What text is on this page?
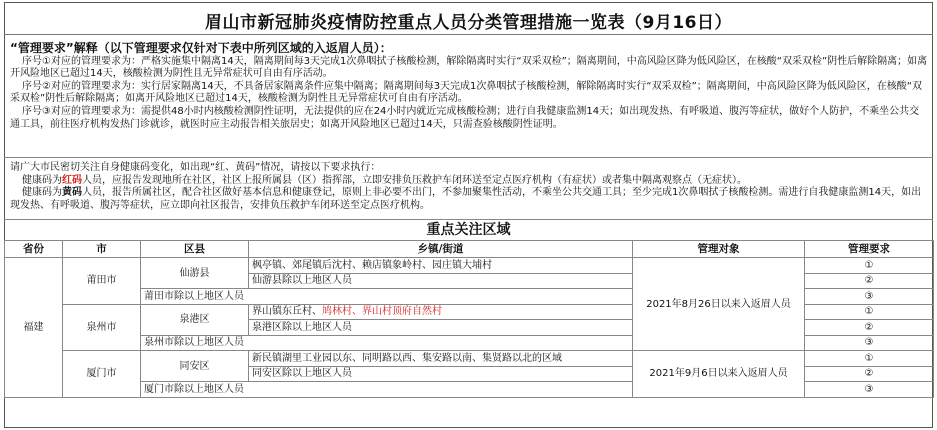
眉山市新冠肺炎疫情防控重点人员分类管理措施一览表（9月16日）
“管理要求”解释（以下管理要求仅针对下表中所列区域的入返眉人员）：

序号①对应的管理要求为：严格实施集中隔离14天，隔离期间每3天完成1次鼻咽拭子核酸检测，解除隔离时实行“双采双检”；隔离期间，中高风险区降为低风险区，在核酸“双采双检”阴性后解除隔离；如离开风险地区已超过14天，核酸检测为阴性且无异常症状可自由有序活动。

序号②对应的管理要求为：实行居家隔离14天，不具备居家隔离条件应集中隔离；隔离期间每3天完成1次鼻咽拭子核酸检测，解除隔离时实行“双采双检”；隔离期间，中高风险区降为低风险区，在核酸“双采双检”阴性后解除隔离；如离开风险地区已超过14天，核酸检测为阴性且无异常症状可自由有序活动。

序号③对应的管理要求为：需提供48小时内核酸检测阴性证明，无法提供的应在24小时内就近完成核酸检测；进行自我健康监测14天；如出现发热、有呼吸道、腹泻等症状，做好个人防护，不乘坐公共交通工具，前往医疗机构发热门诊就诊，就医时应主动报告相关旅居史；如离开风险地区已超过14天，只需查验核酸阴性证明。

请广大市民密切关注自身健康码变化，如出现“红、黄码”情况，请按以下要求执行：

健康码为红码人员，应报告发现地所在社区，社区上报所属县（区）指挥部，立即安排负压救护车闭环送至定点医疗机构（有症状）或者集中隔离观察点（无症状）。

健康码为黄码人员，报告所属社区，配合社区做好基本信息和健康登记，原则上非必要不出门，不参加聚集性活动，不乘坐公共交通工具；至少完成1次鼻咽拭子核酸检测。需进行自我健康监测14天，如出现发热、有呼吸道、腹泻等症状，应立即向社区报告，安排负压救护车闭环送至定点医疗机构。

重点关注区域
省份	市	区县	乡镇/街道	管理对象	管理要求
福建	莆田市	仙游县	枫亭镇、郊尾镇后沈村、赖店镇象岭村、园庄镇大埔村	2021年8月26日以来入返眉人员	①
			仙游县除以上地区人员		②
		莆田市除以上地区人员			③
	泉州市	泉港区	界山镇东丘村、鸠林村、界山村顶府自然村		①
			泉港区除以上地区人员		②
		泉州市除以上地区人员			③
	厦门市	同安区	新民镇湖里工业园以东、同明路以西、集安路以南、集贤路以北的区域	2021年9月6日以来入返眉人员	①
			同安区除以上地区人员		②
		厦门市除以上地区人员			③
